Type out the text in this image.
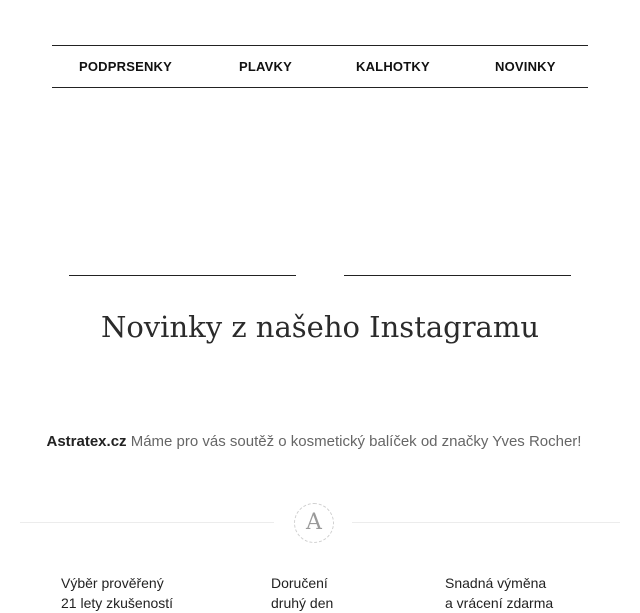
PODPRSENKY	PLAVKY	KALHOTKY	NOVINKY
Novinky z našeho Instagramu
Astratex.cz Máme pro vás soutěž o kosmetický balíček od značky Yves Rocher!
A
Výběr prověřený
21 lety zkušeností
Doručení
druhý den
Snadná výměna
a vrácení zdarma
